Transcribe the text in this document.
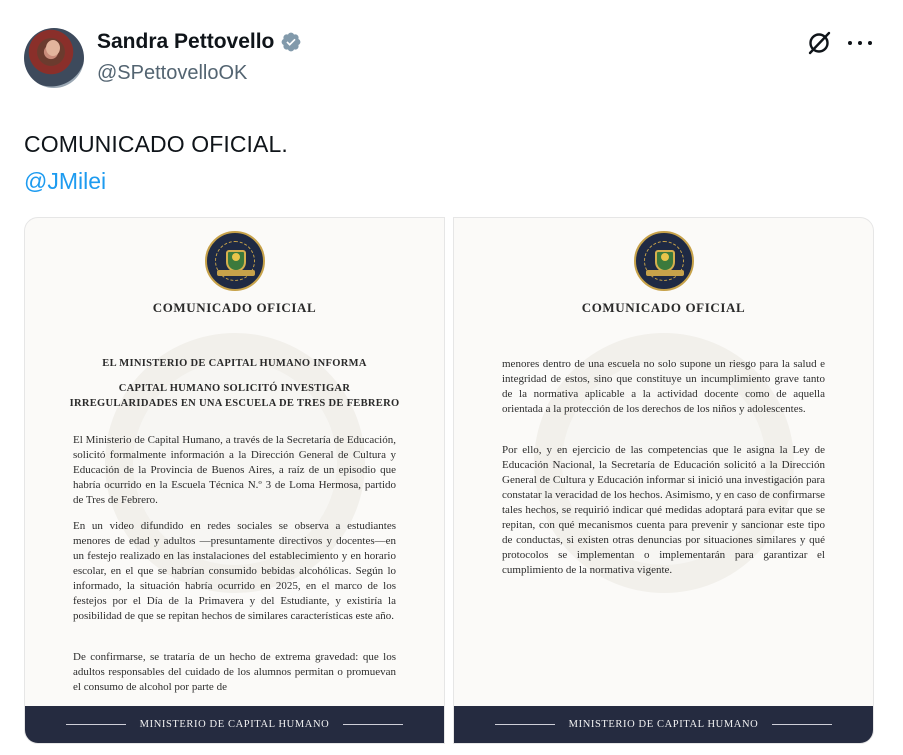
Sandra Pettovello
@SPettovelloOK
COMUNICADO OFICIAL.
@JMilei
COMUNICADO OFICIAL
EL MINISTERIO DE CAPITAL HUMANO INFORMA
CAPITAL HUMANO SOLICITÓ INVESTIGAR IRREGULARIDADES EN UNA ESCUELA DE TRES DE FEBRERO
El Ministerio de Capital Humano, a través de la Secretaría de Educación, solicitó formalmente información a la Dirección General de Cultura y Educación de la Provincia de Buenos Aires, a raíz de un episodio que habría ocurrido en la Escuela Técnica N.º 3 de Loma Hermosa, partido de Tres de Febrero.
En un video difundido en redes sociales se observa a estudiantes menores de edad y adultos —presuntamente directivos y docentes—en un festejo realizado en las instalaciones del establecimiento y en horario escolar, en el que se habrían consumido bebidas alcohólicas. Según lo informado, la situación habría ocurrido en 2025, en el marco de los festejos por el Día de la Primavera y del Estudiante, y existiría la posibilidad de que se repitan hechos de similares características este año.
De confirmarse, se trataría de un hecho de extrema gravedad: que los adultos responsables del cuidado de los alumnos permitan o promuevan el consumo de alcohol por parte de
MINISTERIO DE CAPITAL HUMANO
COMUNICADO OFICIAL
menores dentro de una escuela no solo supone un riesgo para la salud e integridad de estos, sino que constituye un incumplimiento grave tanto de la normativa aplicable a la actividad docente como de aquella orientada a la protección de los derechos de los niños y adolescentes.
Por ello, y en ejercicio de las competencias que le asigna la Ley de Educación Nacional, la Secretaría de Educación solicitó a la Dirección General de Cultura y Educación informar si inició una investigación para constatar la veracidad de los hechos. Asimismo, y en caso de confirmarse tales hechos, se requirió indicar qué medidas adoptará para evitar que se repitan, con qué mecanismos cuenta para prevenir y sancionar este tipo de conductas, si existen otras denuncias por situaciones similares y qué protocolos se implementan o implementarán para garantizar el cumplimiento de la normativa vigente.
MINISTERIO DE CAPITAL HUMANO
